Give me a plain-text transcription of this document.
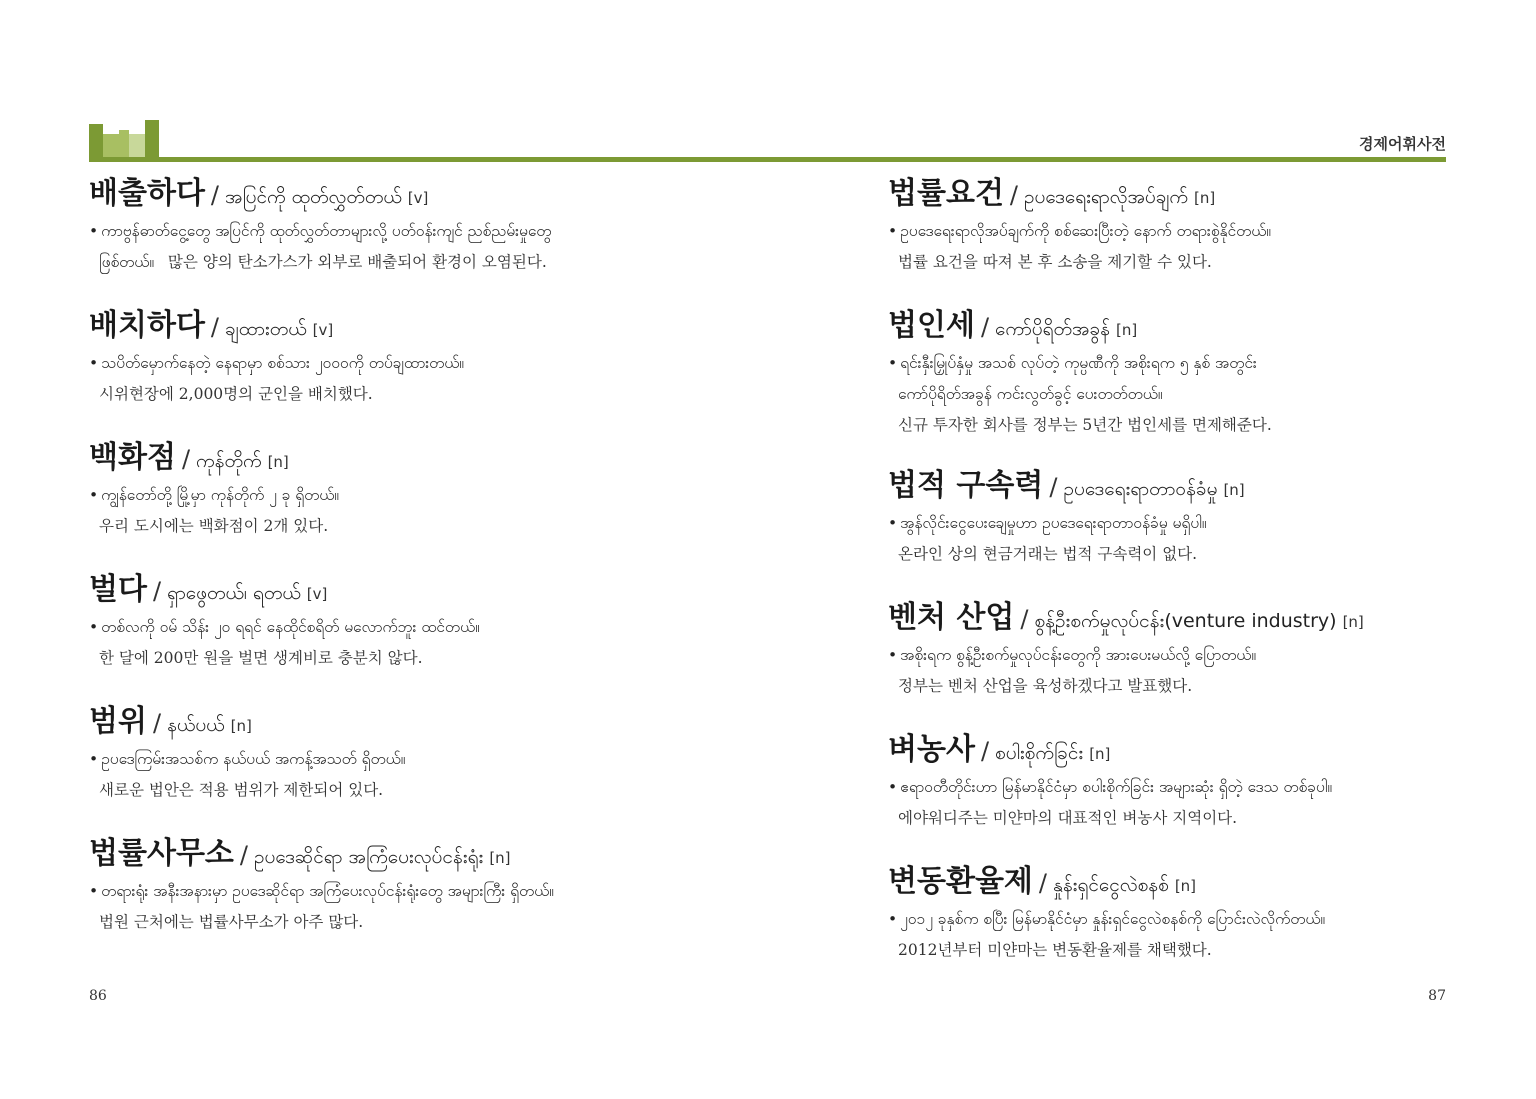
경제어휘사전
배출하다 / အပြင်ကို ထုတ်လွှတ်တယ် [v]
• ကာဗွန်ဓာတ်ငွေ့တွေ အပြင်ကို ထုတ်လွှတ်တာများလို့ ပတ်ဝန်းကျင် ညစ်ညမ်းမှုတွေ
ဖြစ်တယ်။ 많은 양의 탄소가스가 외부로 배출되어 환경이 오염된다.
배치하다 / ချထားတယ် [v]
• သပိတ်မှောက်နေတဲ့ နေရာမှာ စစ်သား ၂၀၀၀ကို တပ်ချထားတယ်။
시위현장에 2,000명의 군인을 배치했다.
백화점 / ကုန်တိုက် [n]
• ကျွန်တော်တို့ မြို့မှာ ကုန်တိုက် ၂ ခု ရှိတယ်။
우리 도시에는 백화점이 2개 있다.
벌다 / ရှာဖွေတယ်၊ ရတယ် [v]
• တစ်လကို ဝမ် သိန်း ၂၀ ရရင် နေထိုင်စရိတ် မလောက်ဘူး ထင်တယ်။
한 달에 200만 원을 벌면 생계비로 충분치 않다.
범위 / နယ်ပယ် [n]
• ဥပဒေကြမ်းအသစ်က နယ်ပယ် အကန့်အသတ် ရှိတယ်။
새로운 법안은 적용 범위가 제한되어 있다.
법률사무소 / ဥပဒေဆိုင်ရာ အကြံပေးလုပ်ငန်းရုံး [n]
• တရားရုံး အနီးအနားမှာ ဥပဒေဆိုင်ရာ အကြံပေးလုပ်ငန်းရုံးတွေ အများကြီး ရှိတယ်။
법원 근처에는 법률사무소가 아주 많다.
법률요건 / ဥပဒေရေးရာလိုအပ်ချက် [n]
• ဥပဒေရေးရာလိုအပ်ချက်ကို စစ်ဆေးပြီးတဲ့ နောက် တရားစွဲနိုင်တယ်။
법률 요건을 따져 본 후 소송을 제기할 수 있다.
법인세 / ကော်ပိုရိတ်အခွန် [n]
• ရင်းနှီးမြှုပ်နှံမှု အသစ် လုပ်တဲ့ ကုမ္ပဏီကို အစိုးရက ၅ နှစ် အတွင်း
ကော်ပိုရိတ်အခွန် ကင်းလွတ်ခွင့် ပေးတတ်တယ်။
신규 투자한 회사를 정부는 5년간 법인세를 면제해준다.
법적 구속력 / ဥပဒေရေးရာတာဝန်ခံမှု [n]
• အွန်လိုင်းငွေပေးချေမှုဟာ ဥပဒေရေးရာတာဝန်ခံမှု မရှိပါ။
온라인 상의 현금거래는 법적 구속력이 없다.
벤처 산업 / စွန့်ဦးစက်မှုလုပ်ငန်း(venture industry) [n]
• အစိုးရက စွန့်ဦးစက်မှုလုပ်ငန်းတွေကို အားပေးမယ်လို့ ပြောတယ်။
정부는 벤처 산업을 육성하겠다고 발표했다.
벼농사 / စပါးစိုက်ခြင်း [n]
• ဧရာဝတီတိုင်းဟာ မြန်မာနိုင်ငံမှာ စပါးစိုက်ခြင်း အများဆုံး ရှိတဲ့ ဒေသ တစ်ခုပါ။
에야워디주는 미얀마의 대표적인 벼농사 지역이다.
변동환율제 / နှုန်းရှင်ငွေလဲစနစ် [n]
• ၂၀၁၂ ခုနှစ်က စပြီး မြန်မာနိုင်ငံမှာ နှုန်းရှင်ငွေလဲစနစ်ကို ပြောင်းလဲလိုက်တယ်။
2012년부터 미얀마는 변동환율제를 채택했다.
86	87
